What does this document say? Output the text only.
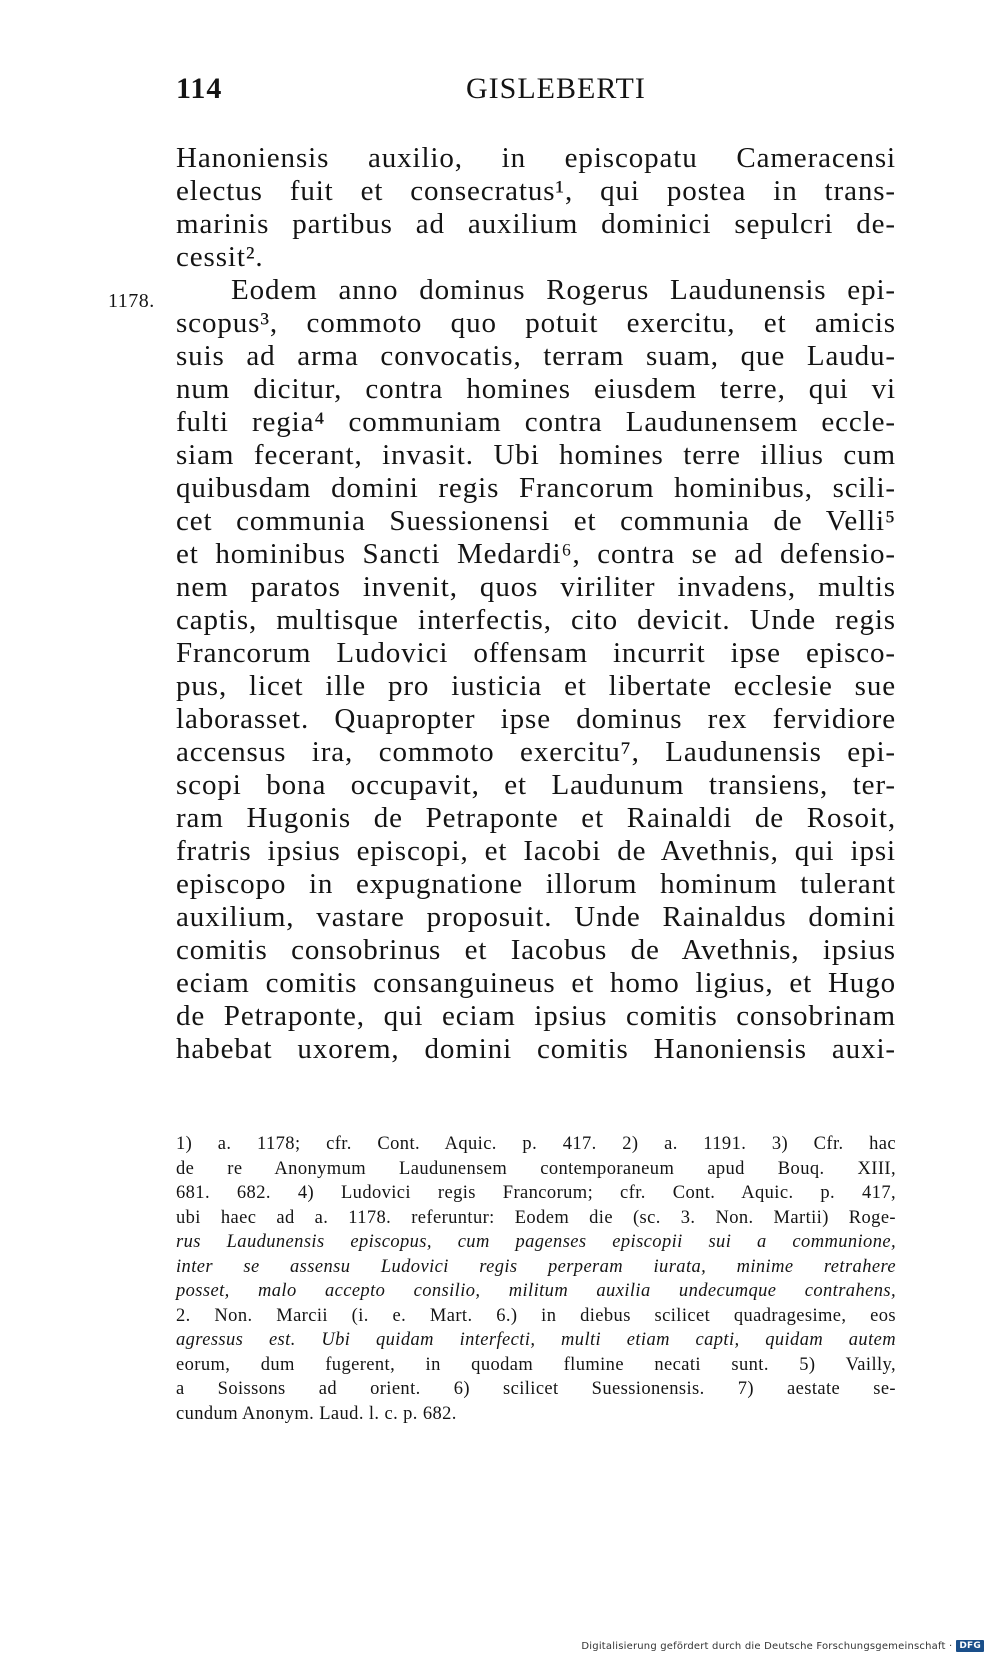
114	GISLEBERTI
1178.
Hanoniensis auxilio, in episcopatu Cameracensi
electus fuit et consecratus¹, qui postea in trans-
marinis partibus ad auxilium dominici sepulcri de-
cessit².
Eodem anno dominus Rogerus Laudunensis epi-
scopus³, commoto quo potuit exercitu, et amicis
suis ad arma convocatis, terram suam, que Laudu-
num dicitur, contra homines eiusdem terre, qui vi
fulti regia⁴ communiam contra Laudunensem eccle-
siam fecerant, invasit. Ubi homines terre illius cum
quibusdam domini regis Francorum hominibus, scili-
cet communia Suessionensi et communia de Velli⁵
et hominibus Sancti Medardi⁶, contra se ad defensio-
nem paratos invenit, quos viriliter invadens, multis
captis, multisque interfectis, cito devicit. Unde regis
Francorum Ludovici offensam incurrit ipse episco-
pus, licet ille pro iusticia et libertate ecclesie sue
laborasset. Quapropter ipse dominus rex fervidiore
accensus ira, commoto exercitu⁷, Laudunensis epi-
scopi bona occupavit, et Laudunum transiens, ter-
ram Hugonis de Petraponte et Rainaldi de Rosoit,
fratris ipsius episcopi, et Iacobi de Avethnis, qui ipsi
episcopo in expugnatione illorum hominum tulerant
auxilium, vastare proposuit. Unde Rainaldus domini
comitis consobrinus et Iacobus de Avethnis, ipsius
eciam comitis consanguineus et homo ligius, et Hugo
de Petraponte, qui eciam ipsius comitis consobrinam
habebat uxorem, domini comitis Hanoniensis auxi-
1) a. 1178; cfr. Cont. Aquic. p. 417. 2) a. 1191. 3) Cfr. hac
de re Anonymum Laudunensem contemporaneum apud Bouq. XIII,
681. 682. 4) Ludovici regis Francorum; cfr. Cont. Aquic. p. 417,
ubi haec ad a. 1178. referuntur: Eodem die (sc. 3. Non. Martii) Roge-
rus Laudunensis episcopus, cum pagenses episcopii sui a communione,
inter se assensu Ludovici regis perperam iurata, minime retrahere
posset, malo accepto consilio, militum auxilia undecumque contrahens,
2. Non. Marcii (i. e. Mart. 6.) in diebus scilicet quadragesime, eos
agressus est. Ubi quidam interfecti, multi etiam capti, quidam autem
eorum, dum fugerent, in quodam flumine necati sunt. 5) Vailly,
a Soissons ad orient. 6) scilicet Suessionensis. 7) aestate se-
cundum Anonym. Laud. l. c. p. 682.
Digitalisierung gefördert durch die Deutsche Forschungsgemeinschaft · DFG
